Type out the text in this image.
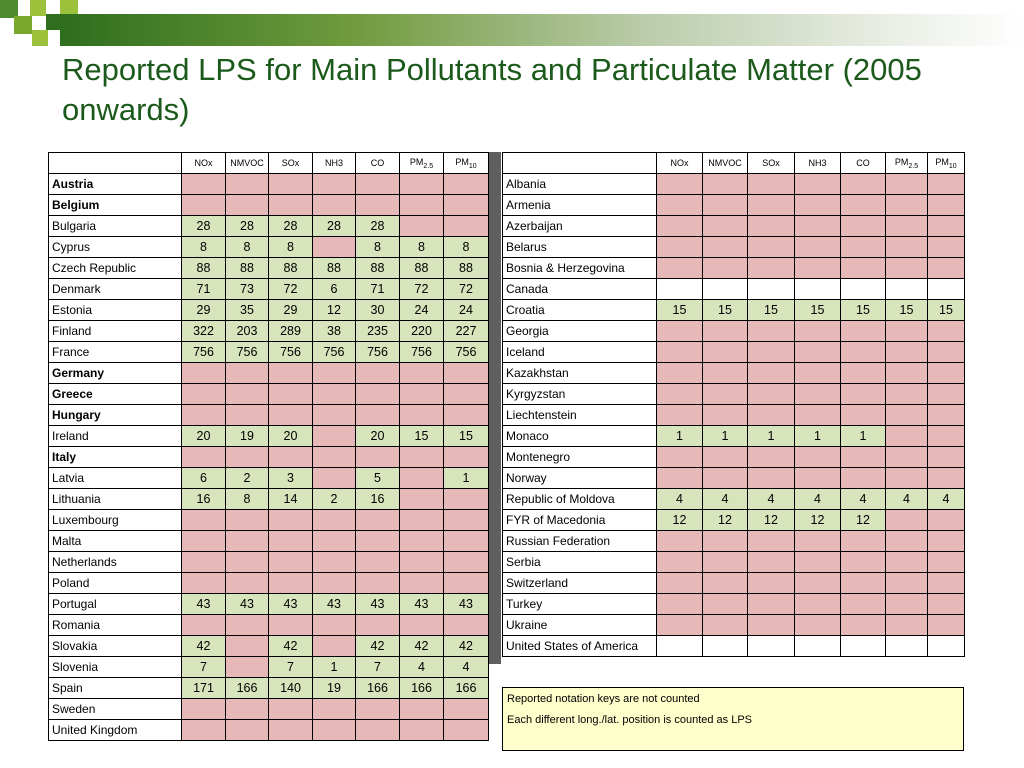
Reported LPS for Main Pollutants and Particulate Matter (2005 onwards)
	NOx	NMVOC	SOx	NH3	CO	$PM_{2.5}$	$PM_{10}$
Austria							
Belgium							
Bulgaria	28	28	28	28	28		
Cyprus	8	8	8		8	8	8
Czech Republic	88	88	88	88	88	88	88
Denmark	71	73	72	6	71	72	72
Estonia	29	35	29	12	30	24	24
Finland	322	203	289	38	235	220	227
France	756	756	756	756	756	756	756
Germany							
Greece							
Hungary							
Ireland	20	19	20		20	15	15
Italy							
Latvia	6	2	3		5		1
Lithuania	16	8	14	2	16		
Luxembourg							
Malta							
Netherlands							
Poland							
Portugal	43	43	43	43	43	43	43
Romania							
Slovakia	42		42		42	42	42
Slovenia	7		7	1	7	4	4
Spain	171	166	140	19	166	166	166
Sweden							
United Kingdom							
	NOx	NMVOC	SOx	NH3	CO	$PM_{2.5}$	$PM_{10}$
Albania							
Armenia							
Azerbaijan							
Belarus							
Bosnia & Herzegovina							
Canada							
Croatia	15	15	15	15	15	15	15
Georgia							
Iceland							
Kazakhstan							
Kyrgyzstan							
Liechtenstein							
Monaco	1	1	1	1	1		
Montenegro							
Norway							
Republic of Moldova	4	4	4	4	4	4	4
FYR of Macedonia	12	12	12	12	12		
Russian Federation							
Serbia							
Switzerland							
Turkey							
Ukraine							
United States of America							
Reported notation keys are not counted
Each different long./lat. position is counted as LPS
